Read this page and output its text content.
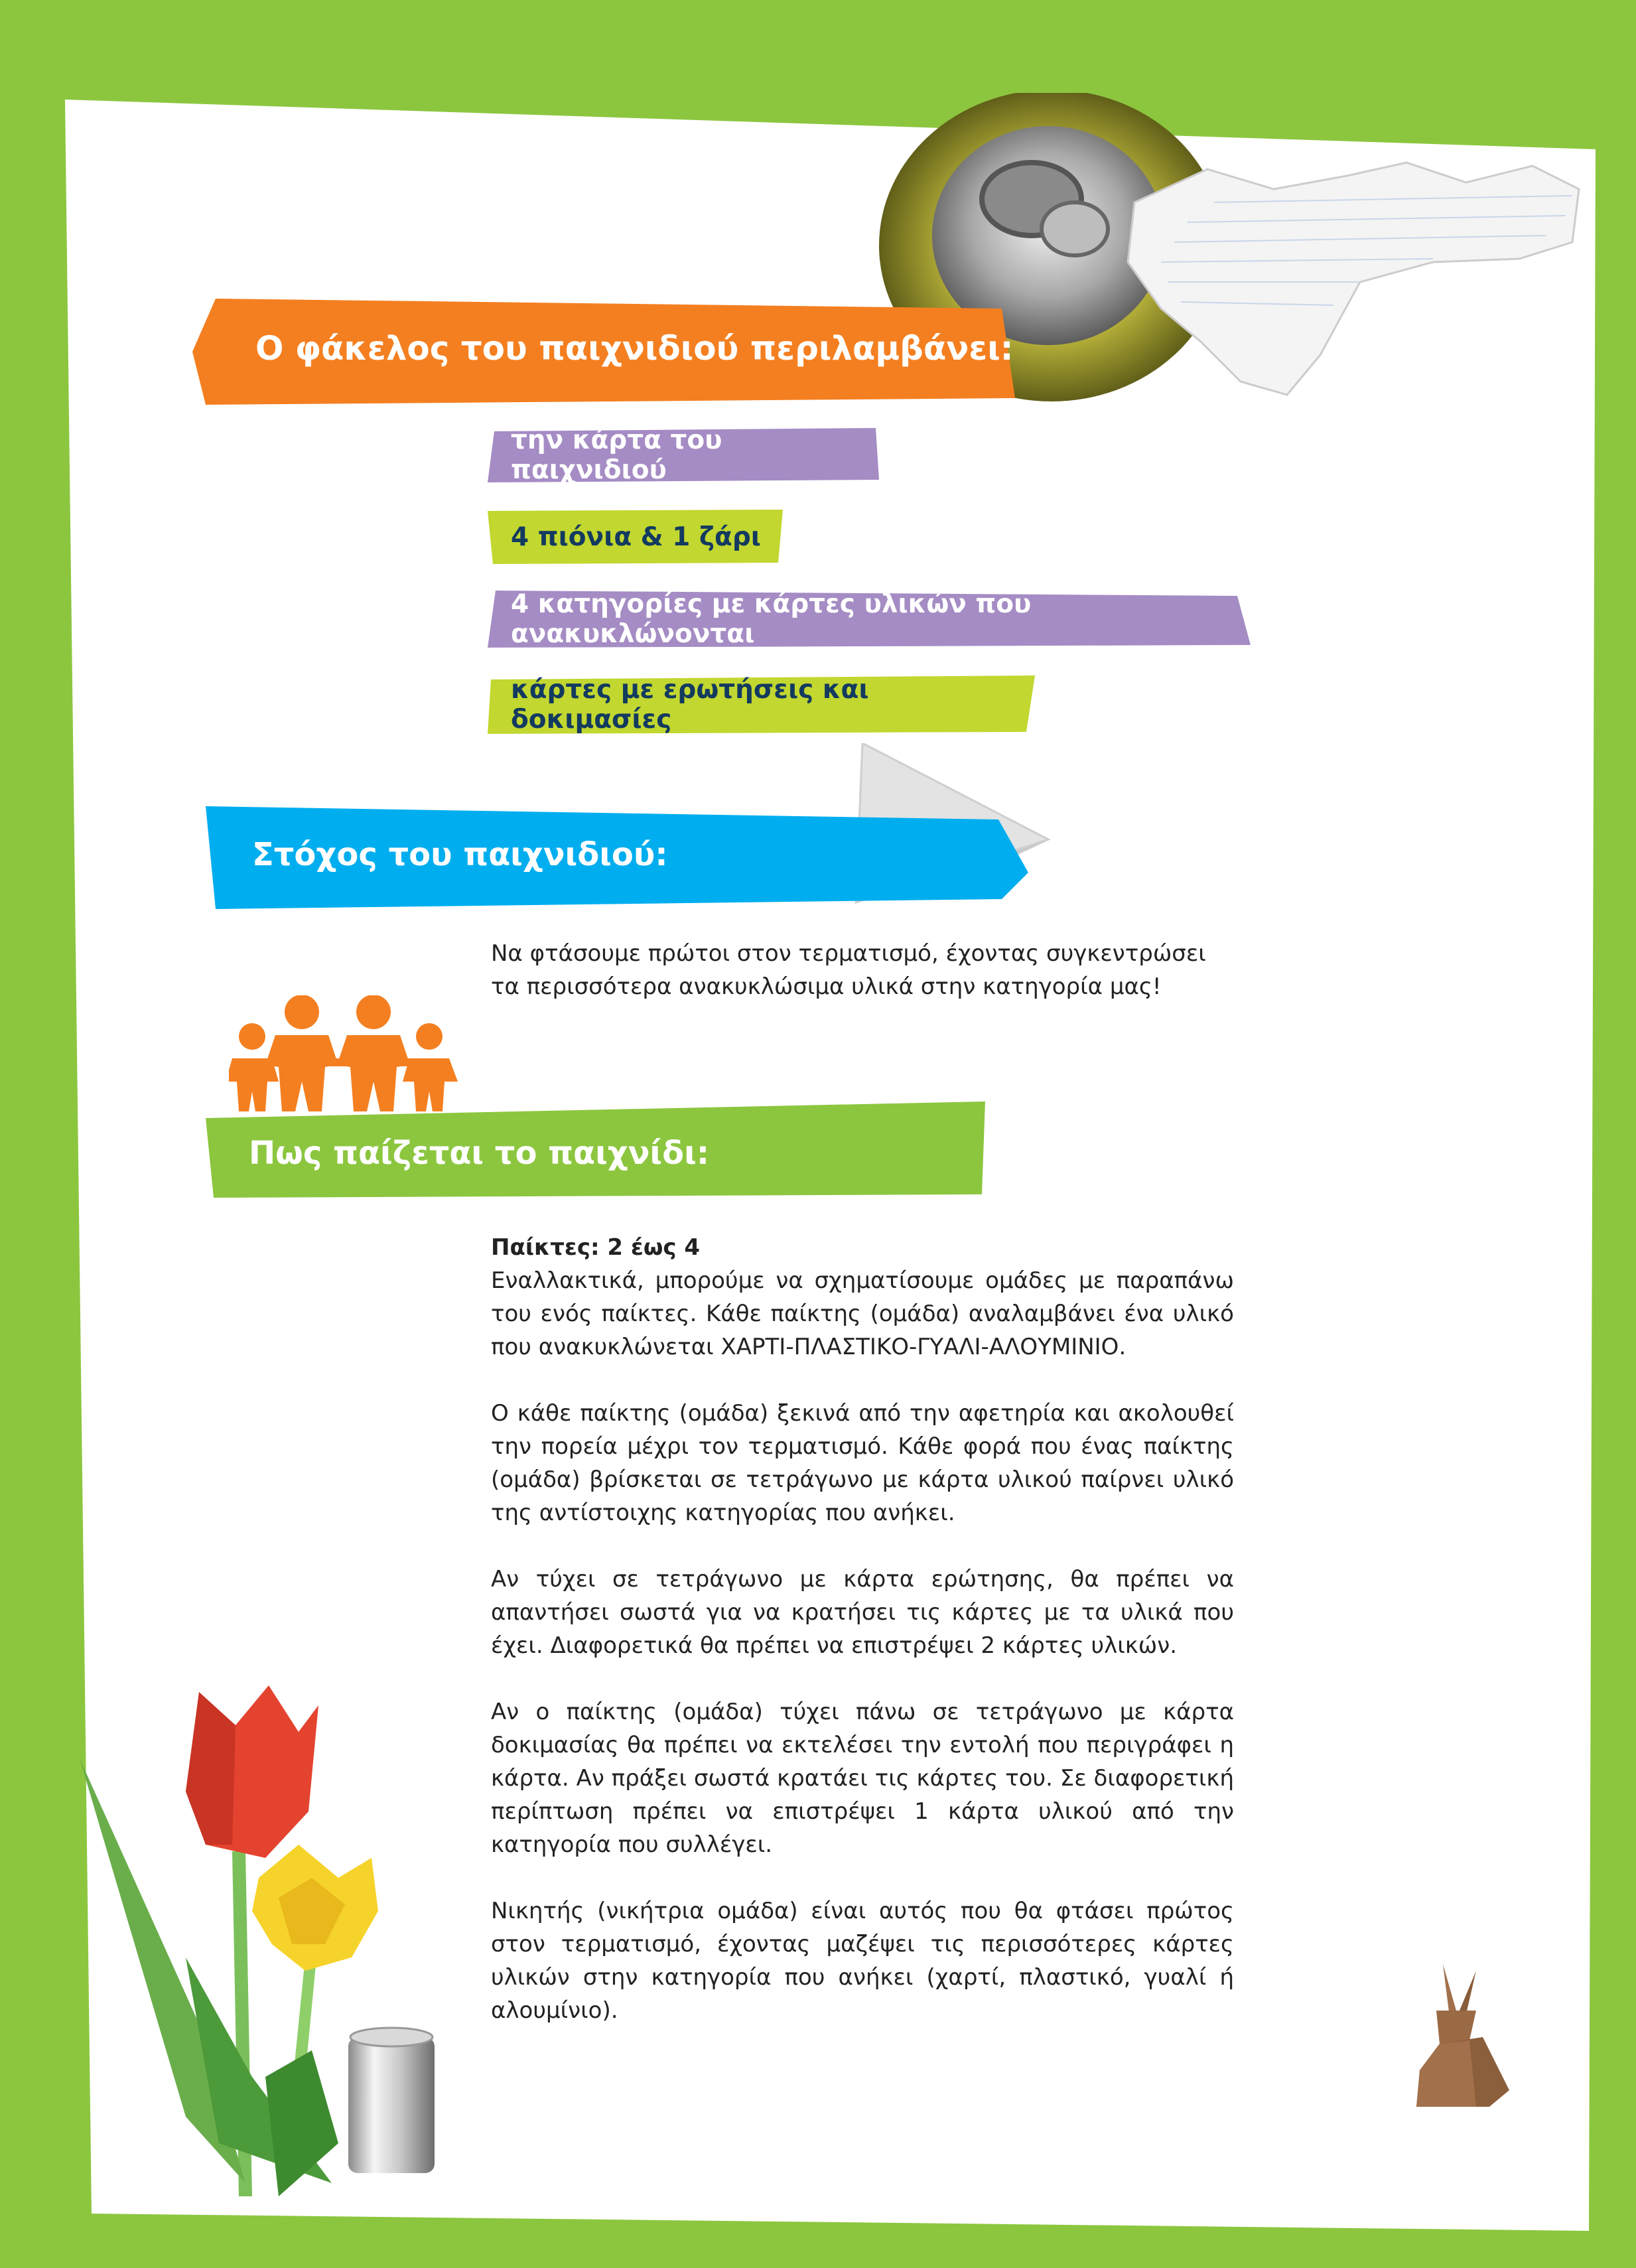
Ο φάκελος του παιχνιδιού περιλαμβάνει:
την κάρτα του παιχνιδιού
4 πιόνια & 1 ζάρι
4 κατηγορίες με κάρτες υλικών που ανακυκλώνονται
κάρτες με ερωτήσεις και δοκιμασίες
Στόχος του παιχνιδιού:
Να φτάσουμε πρώτοι στον τερματισμό, έχοντας συγκεντρώσει
τα περισσότερα ανακυκλώσιμα υλικά στην κατηγορία μας!
Πως παίζεται το παιχνίδι:
Παίκτες: 2 έως 4

Εναλλακτικά, μπορούμε να σχηματίσουμε ομάδες με παραπάνω του ενός παίκτες. Κάθε παίκτης (ομάδα) αναλαμβάνει ένα υλικό που ανακυκλώνεται ΧΑΡΤΙ-ΠΛΑΣΤΙΚΟ-ΓΥΑΛΙ-ΑΛΟΥΜΙΝΙΟ.

Ο κάθε παίκτης (ομάδα) ξεκινά από την αφετηρία και ακολουθεί την πορεία μέχρι τον τερματισμό. Κάθε φορά που ένας παίκτης (ομάδα) βρίσκεται σε τετράγωνο με κάρτα υλικού παίρνει υλικό της αντίστοιχης κατηγορίας που ανήκει.

Αν τύχει σε τετράγωνο με κάρτα ερώτησης, θα πρέπει να απαντήσει σωστά για να κρατήσει τις κάρτες με τα υλικά που έχει. Διαφορετικά θα πρέπει να επιστρέψει 2 κάρτες υλικών.

Αν ο παίκτης (ομάδα) τύχει πάνω σε τετράγωνο με κάρτα δοκιμασίας θα πρέπει να εκτελέσει την εντολή που περιγράφει η κάρτα. Αν πράξει σωστά κρατάει τις κάρτες του. Σε διαφορετική περίπτωση πρέπει να επιστρέψει 1 κάρτα υλικού από την κατηγορία που συλλέγει.

Νικητής (νικήτρια ομάδα) είναι αυτός που θα φτάσει πρώτος στον τερματισμό, έχοντας μαζέψει τις περισσότερες κάρτες υλικών στην κατηγορία που ανήκει (χαρτί, πλαστικό, γυαλί ή αλουμίνιο).
